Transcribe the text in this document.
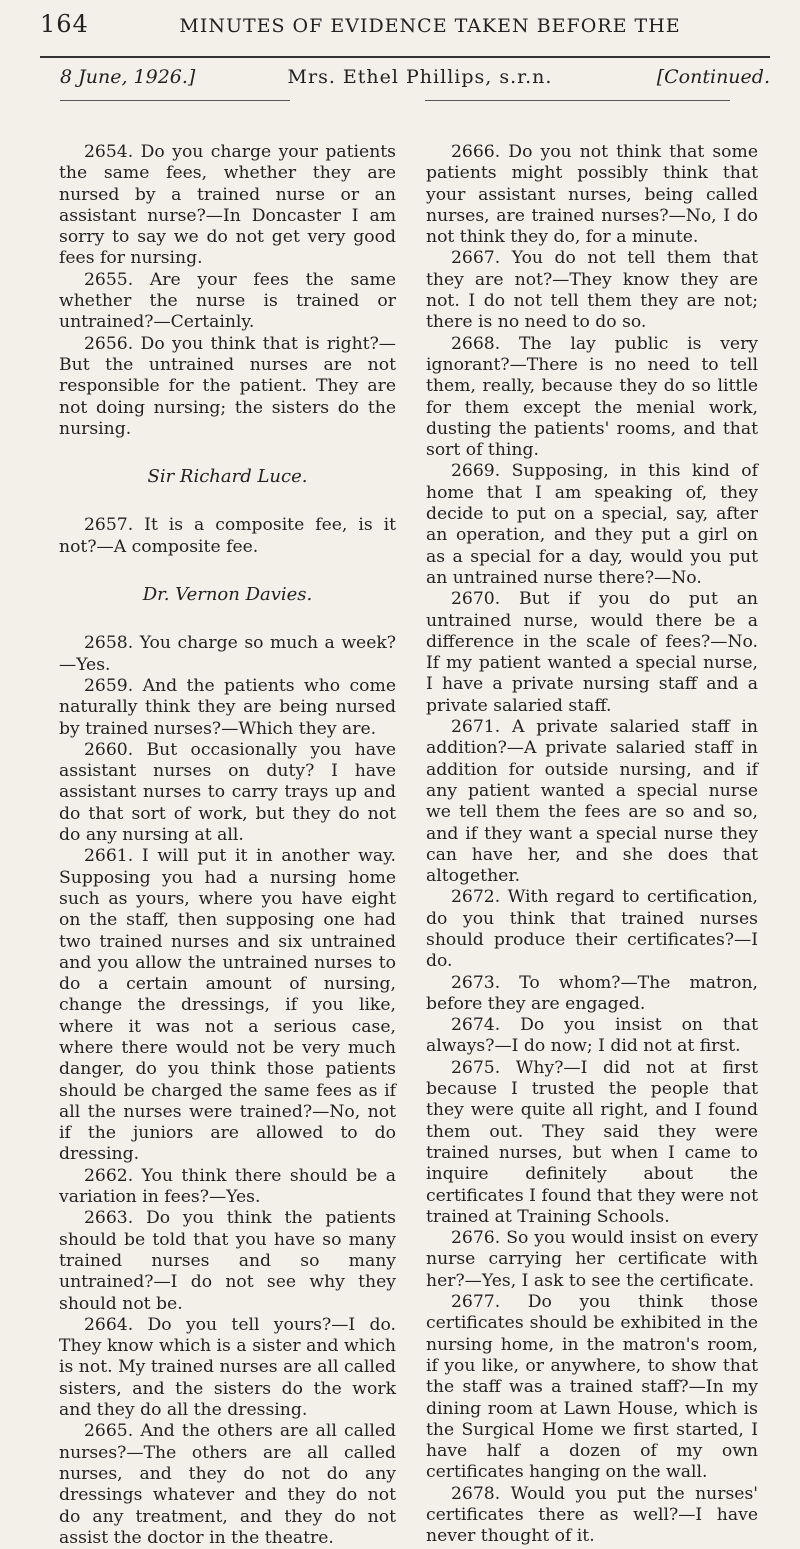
164	MINUTES OF EVIDENCE TAKEN BEFORE THE
8 June, 1926.]	Mrs. Ethel Phillips, s.r.n.	[Continued.

2654. Do you charge your patients the same fees, whether they are nursed by a trained nurse or an assistant nurse?—In Doncaster I am sorry to say we do not get very good fees for nursing.

2655. Are your fees the same whether the nurse is trained or untrained?—Certainly.

2656. Do you think that is right?—But the untrained nurses are not responsible for the patient. They are not doing nursing; the sisters do the nursing.

Sir Richard Luce.

2657. It is a composite fee, is it not?—A composite fee.

Dr. Vernon Davies.

2658. You charge so much a week?—Yes.

2659. And the patients who come naturally think they are being nursed by trained nurses?—Which they are.

2660. But occasionally you have assistant nurses on duty? I have assistant nurses to carry trays up and do that sort of work, but they do not do any nursing at all.

2661. I will put it in another way. Supposing you had a nursing home such as yours, where you have eight on the staff, then supposing one had two trained nurses and six untrained and you allow the untrained nurses to do a certain amount of nursing, change the dressings, if you like, where it was not a serious case, where there would not be very much danger, do you think those patients should be charged the same fees as if all the nurses were trained?—No, not if the juniors are allowed to do dressing.

2662. You think there should be a variation in fees?—Yes.

2663. Do you think the patients should be told that you have so many trained nurses and so many untrained?—I do not see why they should not be.

2664. Do you tell yours?—I do. They know which is a sister and which is not. My trained nurses are all called sisters, and the sisters do the work and they do all the dressing.

2665. And the others are all called nurses?—The others are all called nurses, and they do not do any dressings whatever and they do not do any treatment, and they do not assist the doctor in the theatre.

2666. Do you not think that some patients might possibly think that your assistant nurses, being called nurses, are trained nurses?—No, I do not think they do, for a minute.

2667. You do not tell them that they are not?—They know they are not. I do not tell them they are not; there is no need to do so.

2668. The lay public is very ignorant?—There is no need to tell them, really, because they do so little for them except the menial work, dusting the patients' rooms, and that sort of thing.

2669. Supposing, in this kind of home that I am speaking of, they decide to put on a special, say, after an operation, and they put a girl on as a special for a day, would you put an untrained nurse there?—No.

2670. But if you do put an untrained nurse, would there be a difference in the scale of fees?—No. If my patient wanted a special nurse, I have a private nursing staff and a private salaried staff.

2671. A private salaried staff in addition?—A private salaried staff in addition for outside nursing, and if any patient wanted a special nurse we tell them the fees are so and so, and if they want a special nurse they can have her, and she does that altogether.

2672. With regard to certification, do you think that trained nurses should produce their certificates?—I do.

2673. To whom?—The matron, before they are engaged.

2674. Do you insist on that always?—I do now; I did not at first.

2675. Why?—I did not at first because I trusted the people that they were quite all right, and I found them out. They said they were trained nurses, but when I came to inquire definitely about the certificates I found that they were not trained at Training Schools.

2676. So you would insist on every nurse carrying her certificate with her?—Yes, I ask to see the certificate.

2677. Do you think those certificates should be exhibited in the nursing home, in the matron's room, if you like, or anywhere, to show that the staff was a trained staff?—In my dining room at Lawn House, which is the Surgical Home we first started, I have half a dozen of my own certificates hanging on the wall.

2678. Would you put the nurses' certificates there as well?—I have never thought of it.
